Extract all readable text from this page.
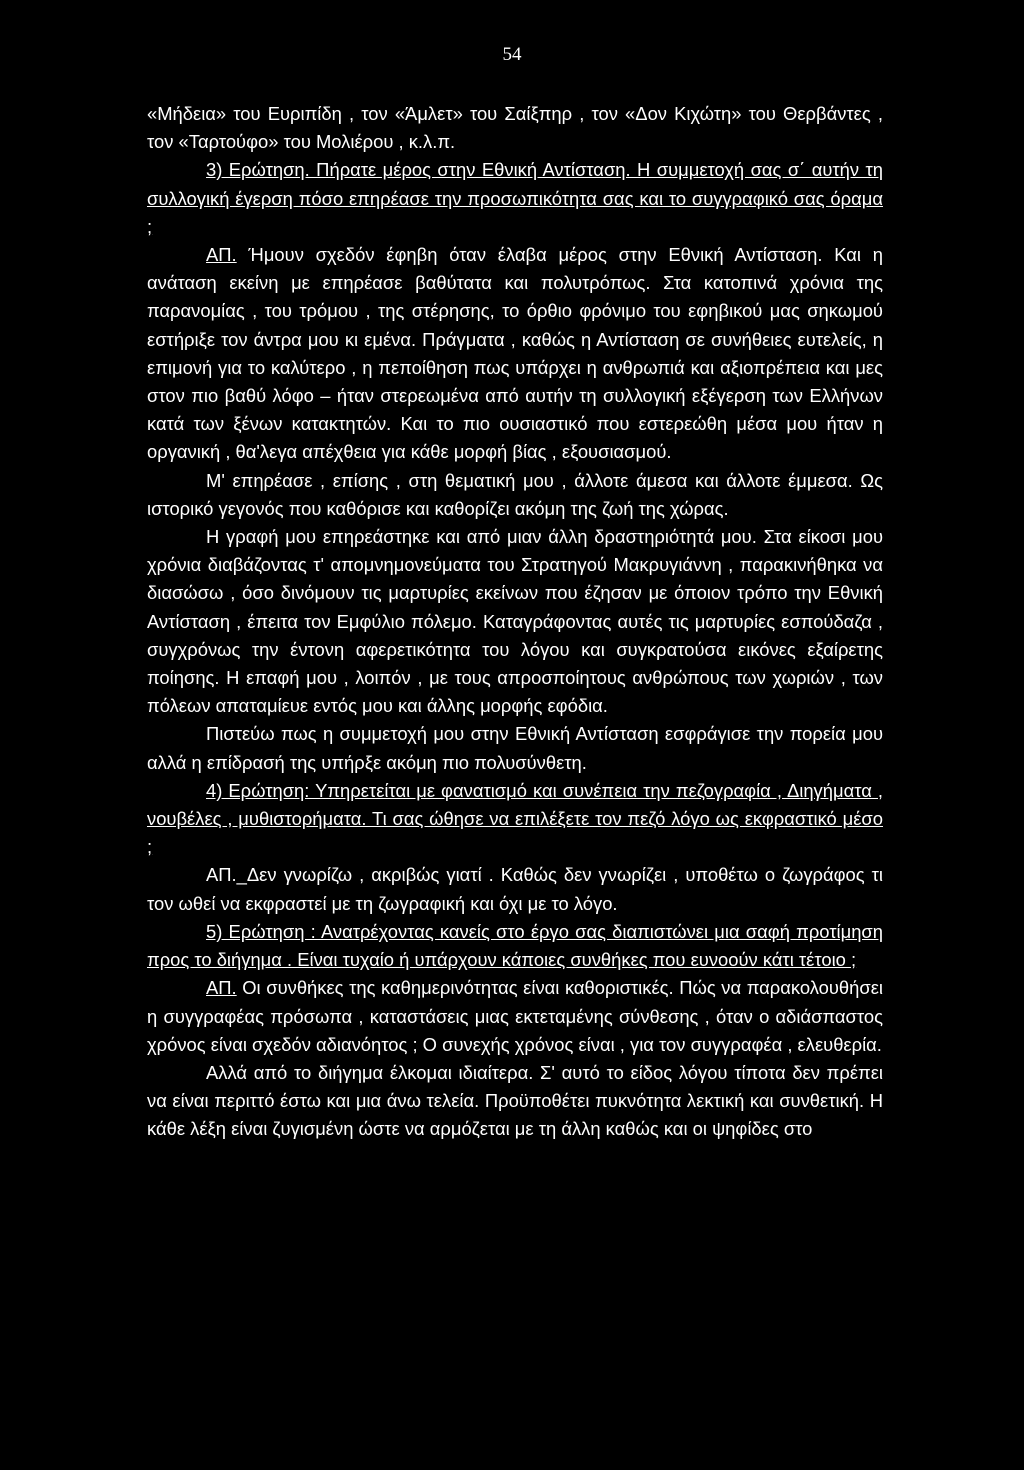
54

«Μήδεια» του Ευριπίδη , τον «Άμλετ» του Σαίξπηρ , τον «Δον Κιχώτη» του Θερβάντες , τον «Ταρτούφο» του Μολιέρου , κ.λ.π.

3) Ερώτηση. Πήρατε μέρος στην Εθνική Αντίσταση. Η συμμετοχή σας σ΄ αυτήν τη συλλογική έγερση πόσο επηρέασε την προσωπικότητα σας και το συγγραφικό σας όραμα ;

ΑΠ. Ήμουν σχεδόν έφηβη όταν έλαβα μέρος στην Εθνική Αντίσταση. Και η ανάταση εκείνη με επηρέασε βαθύτατα και πολυτρόπως. Στα κατοπινά χρόνια της παρανομίας , του τρόμου , της στέρησης, το όρθιο φρόνιμο του εφηβικού μας σηκωμού εστήριξε τον άντρα μου κι εμένα. Πράγματα , καθώς η Αντίσταση σε συνήθειες ευτελείς, η επιμονή για το καλύτερο , η πεποίθηση πως υπάρχει η ανθρωπιά και αξιοπρέπεια και μες στον πιο βαθύ λόφο – ήταν στερεωμένα από αυτήν τη συλλογική εξέγερση των Ελλήνων κατά των ξένων κατακτητών. Και το πιο ουσιαστικό που εστερεώθη μέσα μου ήταν η οργανική , θα'λεγα απέχθεια για κάθε μορφή βίας , εξουσιασμού.

Μ' επηρέασε , επίσης , στη θεματική μου , άλλοτε άμεσα και άλλοτε έμμεσα. Ως ιστορικό γεγονός που καθόρισε και καθορίζει ακόμη της ζωή της χώρας.

Η γραφή μου επηρεάστηκε και από μιαν άλλη δραστηριότητά μου. Στα είκοσι μου χρόνια διαβάζοντας τ' απομνημονεύματα του Στρατηγού Μακρυγιάννη , παρακινήθηκα να διασώσω , όσο δινόμουν τις μαρτυρίες εκείνων που έζησαν με όποιον τρόπο την Εθνική Αντίσταση , έπειτα τον Εμφύλιο πόλεμο. Καταγράφοντας αυτές τις μαρτυρίες εσπούδαζα , συγχρόνως την έντονη αφερετικότητα του λόγου και συγκρατούσα εικόνες εξαίρετης ποίησης. Η επαφή μου , λοιπόν , με τους απροσποίητους ανθρώπους των χωριών , των πόλεων απαταμίευε εντός μου και άλλης μορφής εφόδια.

Πιστεύω πως η συμμετοχή μου στην Εθνική Αντίσταση εσφράγισε την πορεία μου αλλά η επίδρασή της υπήρξε ακόμη πιο πολυσύνθετη.

4) Ερώτηση: Υπηρετείται με φανατισμό και συνέπεια την πεζογραφία , Διηγήματα , νουβέλες , μυθιστορήματα. Τι σας ώθησε να επιλέξετε τον πεζό λόγο ως εκφραστικό μέσο ;

ΑΠ._Δεν γνωρίζω , ακριβώς γιατί . Καθώς δεν γνωρίζει , υποθέτω ο ζωγράφος τι τον ωθεί να εκφραστεί με τη ζωγραφική και όχι με το λόγο.

5) Ερώτηση : Ανατρέχοντας κανείς στο έργο σας διαπιστώνει μια σαφή προτίμηση προς το διήγημα . Είναι τυχαίο ή υπάρχουν κάποιες συνθήκες που ευνοούν κάτι τέτοιο ;

ΑΠ. Οι συνθήκες της καθημερινότητας είναι καθοριστικές. Πώς να παρακολουθήσει η συγγραφέας πρόσωπα , καταστάσεις μιας εκτεταμένης σύνθεσης , όταν ο αδιάσπαστος χρόνος είναι σχεδόν αδιανόητος ; Ο συνεχής χρόνος είναι , για τον συγγραφέα , ελευθερία.

Αλλά από το διήγημα έλκομαι ιδιαίτερα. Σ' αυτό το είδος λόγου τίποτα δεν πρέπει να είναι περιττό έστω και μια άνω τελεία. Προϋποθέτει πυκνότητα λεκτική και συνθετική. Η κάθε λέξη είναι ζυγισμένη ώστε να αρμόζεται με τη άλλη καθώς και οι ψηφίδες στο
